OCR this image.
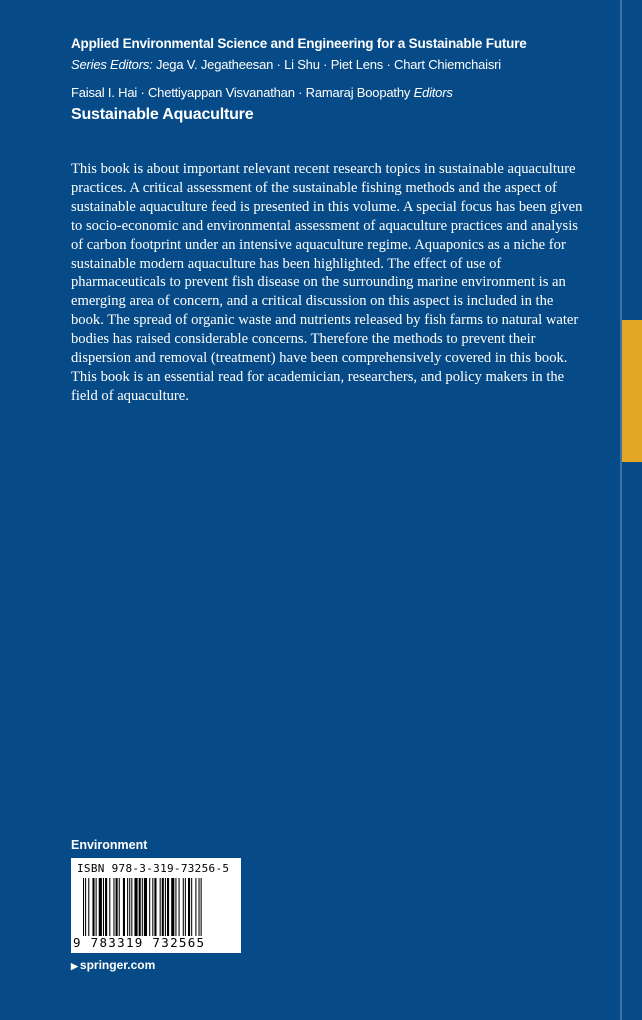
Applied Environmental Science and Engineering for a Sustainable Future
Series Editors: Jega V. Jegatheesan · Li Shu · Piet Lens · Chart Chiemchaisri
Faisal I. Hai · Chettiyappan Visvanathan · Ramaraj Boopathy Editors
Sustainable Aquaculture

This book is about important relevant recent research topics in sustainable aquaculture practices. A critical assessment of the sustainable fishing methods and the aspect of sustainable aquaculture feed is presented in this volume. A special focus has been given to socio-economic and environmental assessment of aquaculture practices and analysis of carbon footprint under an intensive aquaculture regime. Aquaponics as a niche for sustainable modern aquaculture has been highlighted. The effect of use of pharmaceuticals to prevent fish disease on the surrounding marine environment is an emerging area of concern, and a critical discussion on this aspect is included in the book. The spread of organic waste and nutrients released by fish farms to natural water bodies has raised considerable concerns. Therefore the methods to prevent their dispersion and removal (treatment) have been comprehensively covered in this book. This book is an essential read for academician, researchers, and policy makers in the field of aquaculture.

Environment
ISBN 978-3-319-73256-5
9 783319 732565
▶ springer.com
